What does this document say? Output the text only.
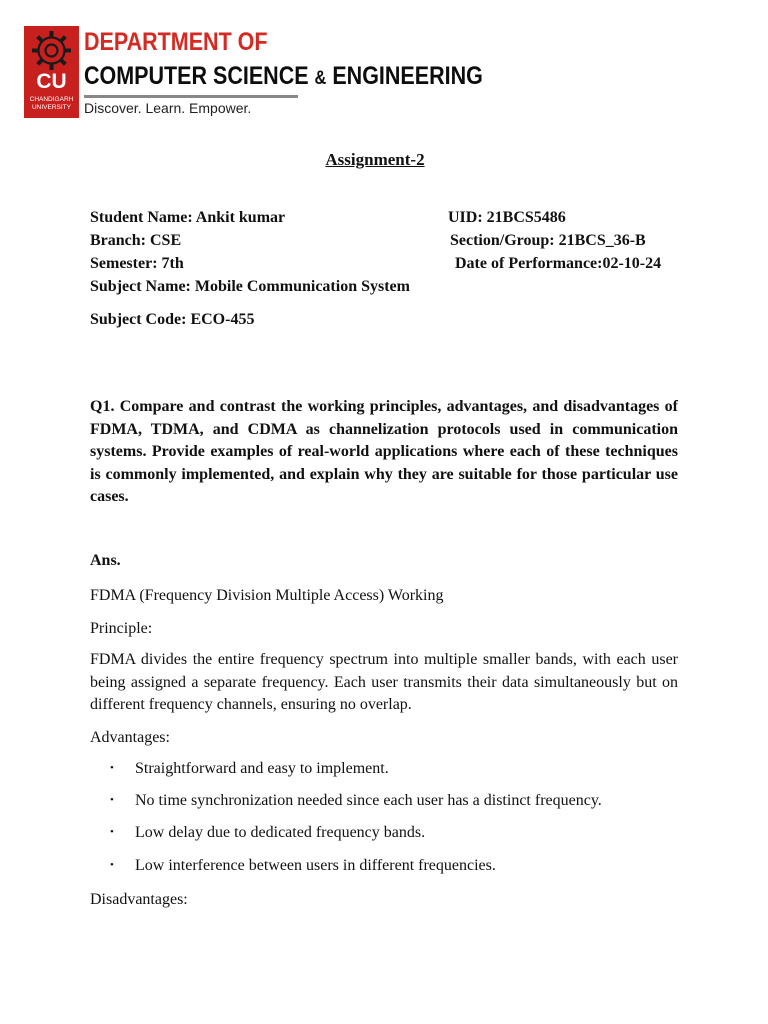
CU
CHANDIGARH
UNIVERSITY
DEPARTMENT OF
COMPUTER SCIENCE & ENGINEERING
Discover. Learn. Empower.
Assignment-2
Student Name: Ankit kumar	UID: 21BCS5486
Branch: CSE	Section/Group: 21BCS_36-B
Semester: 7th	Date of Performance:02-10-24
Subject Name: Mobile Communication System
Subject Code: ECO-455
Q1. Compare and contrast the working principles, advantages, and disadvantages of FDMA, TDMA, and CDMA as channelization protocols used in communication systems. Provide examples of real-world applications where each of these techniques is commonly implemented, and explain why they are suitable for those particular use cases.
Ans.
FDMA (Frequency Division Multiple Access) Working
Principle:
FDMA divides the entire frequency spectrum into multiple smaller bands, with each user being assigned a separate frequency. Each user transmits their data simultaneously but on different frequency channels, ensuring no overlap.
Advantages:
• Straightforward and easy to implement.
• No time synchronization needed since each user has a distinct frequency.
• Low delay due to dedicated frequency bands.
• Low interference between users in different frequencies.
Disadvantages:
